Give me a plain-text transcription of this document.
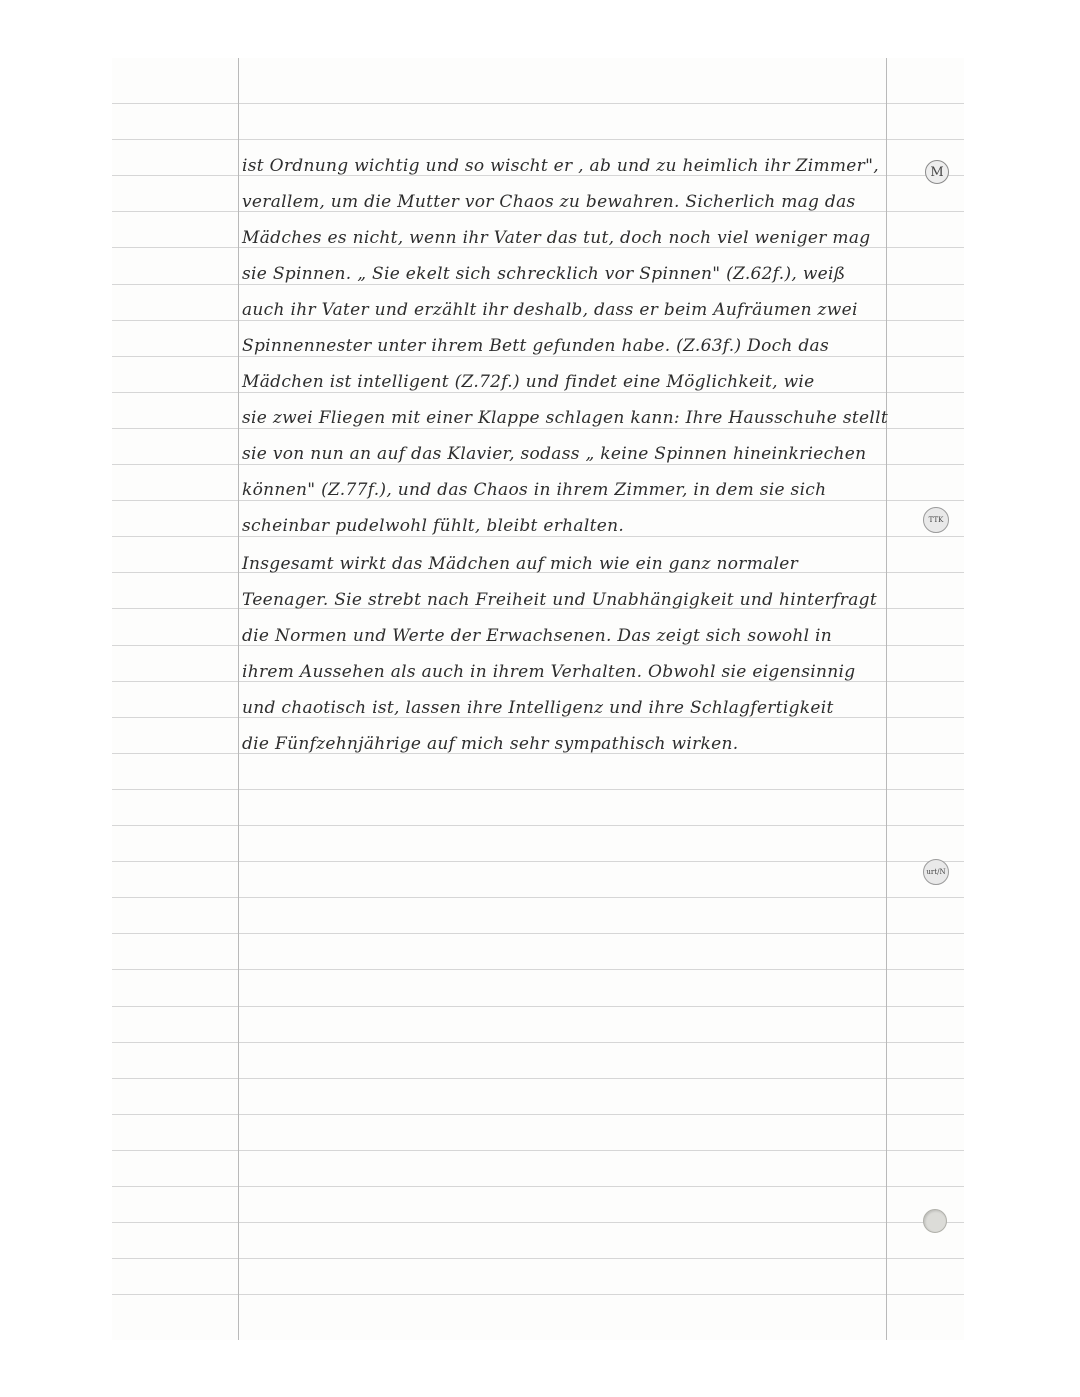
ist Ordnung wichtig und so wischt er , ab und zu heimlich ihr Zimmer",
verallem, um die Mutter vor Chaos zu bewahren. Sicherlich mag das
Mädches es nicht, wenn ihr Vater das tut, doch noch viel weniger mag
sie Spinnen. „ Sie ekelt sich schrecklich vor Spinnen" (Z.62f.), weiß
auch ihr Vater und erzählt ihr deshalb, dass er beim Aufräumen zwei
Spinnennester unter ihrem Bett gefunden habe. (Z.63f.) Doch das
Mädchen ist intelligent (Z.72f.) und findet eine Möglichkeit, wie
sie zwei Fliegen mit einer Klappe schlagen kann: Ihre Hausschuhe stellt
sie von nun an auf das Klavier, sodass „ keine Spinnen hineinkriechen
können" (Z.77f.), und das Chaos in ihrem Zimmer, in dem sie sich
scheinbar pudelwohl fühlt, bleibt erhalten.
Insgesamt wirkt das Mädchen auf mich wie ein ganz normaler
Teenager. Sie strebt nach Freiheit und Unabhängigkeit und hinterfragt
die Normen und Werte der Erwachsenen. Das zeigt sich sowohl in
ihrem Aussehen als auch in ihrem Verhalten. Obwohl sie eigensinnig
und chaotisch ist, lassen ihre Intelligenz und ihre Schlagfertigkeit
die Fünfzehnjährige auf mich sehr sympathisch wirken.
M
TTK
urt/N
